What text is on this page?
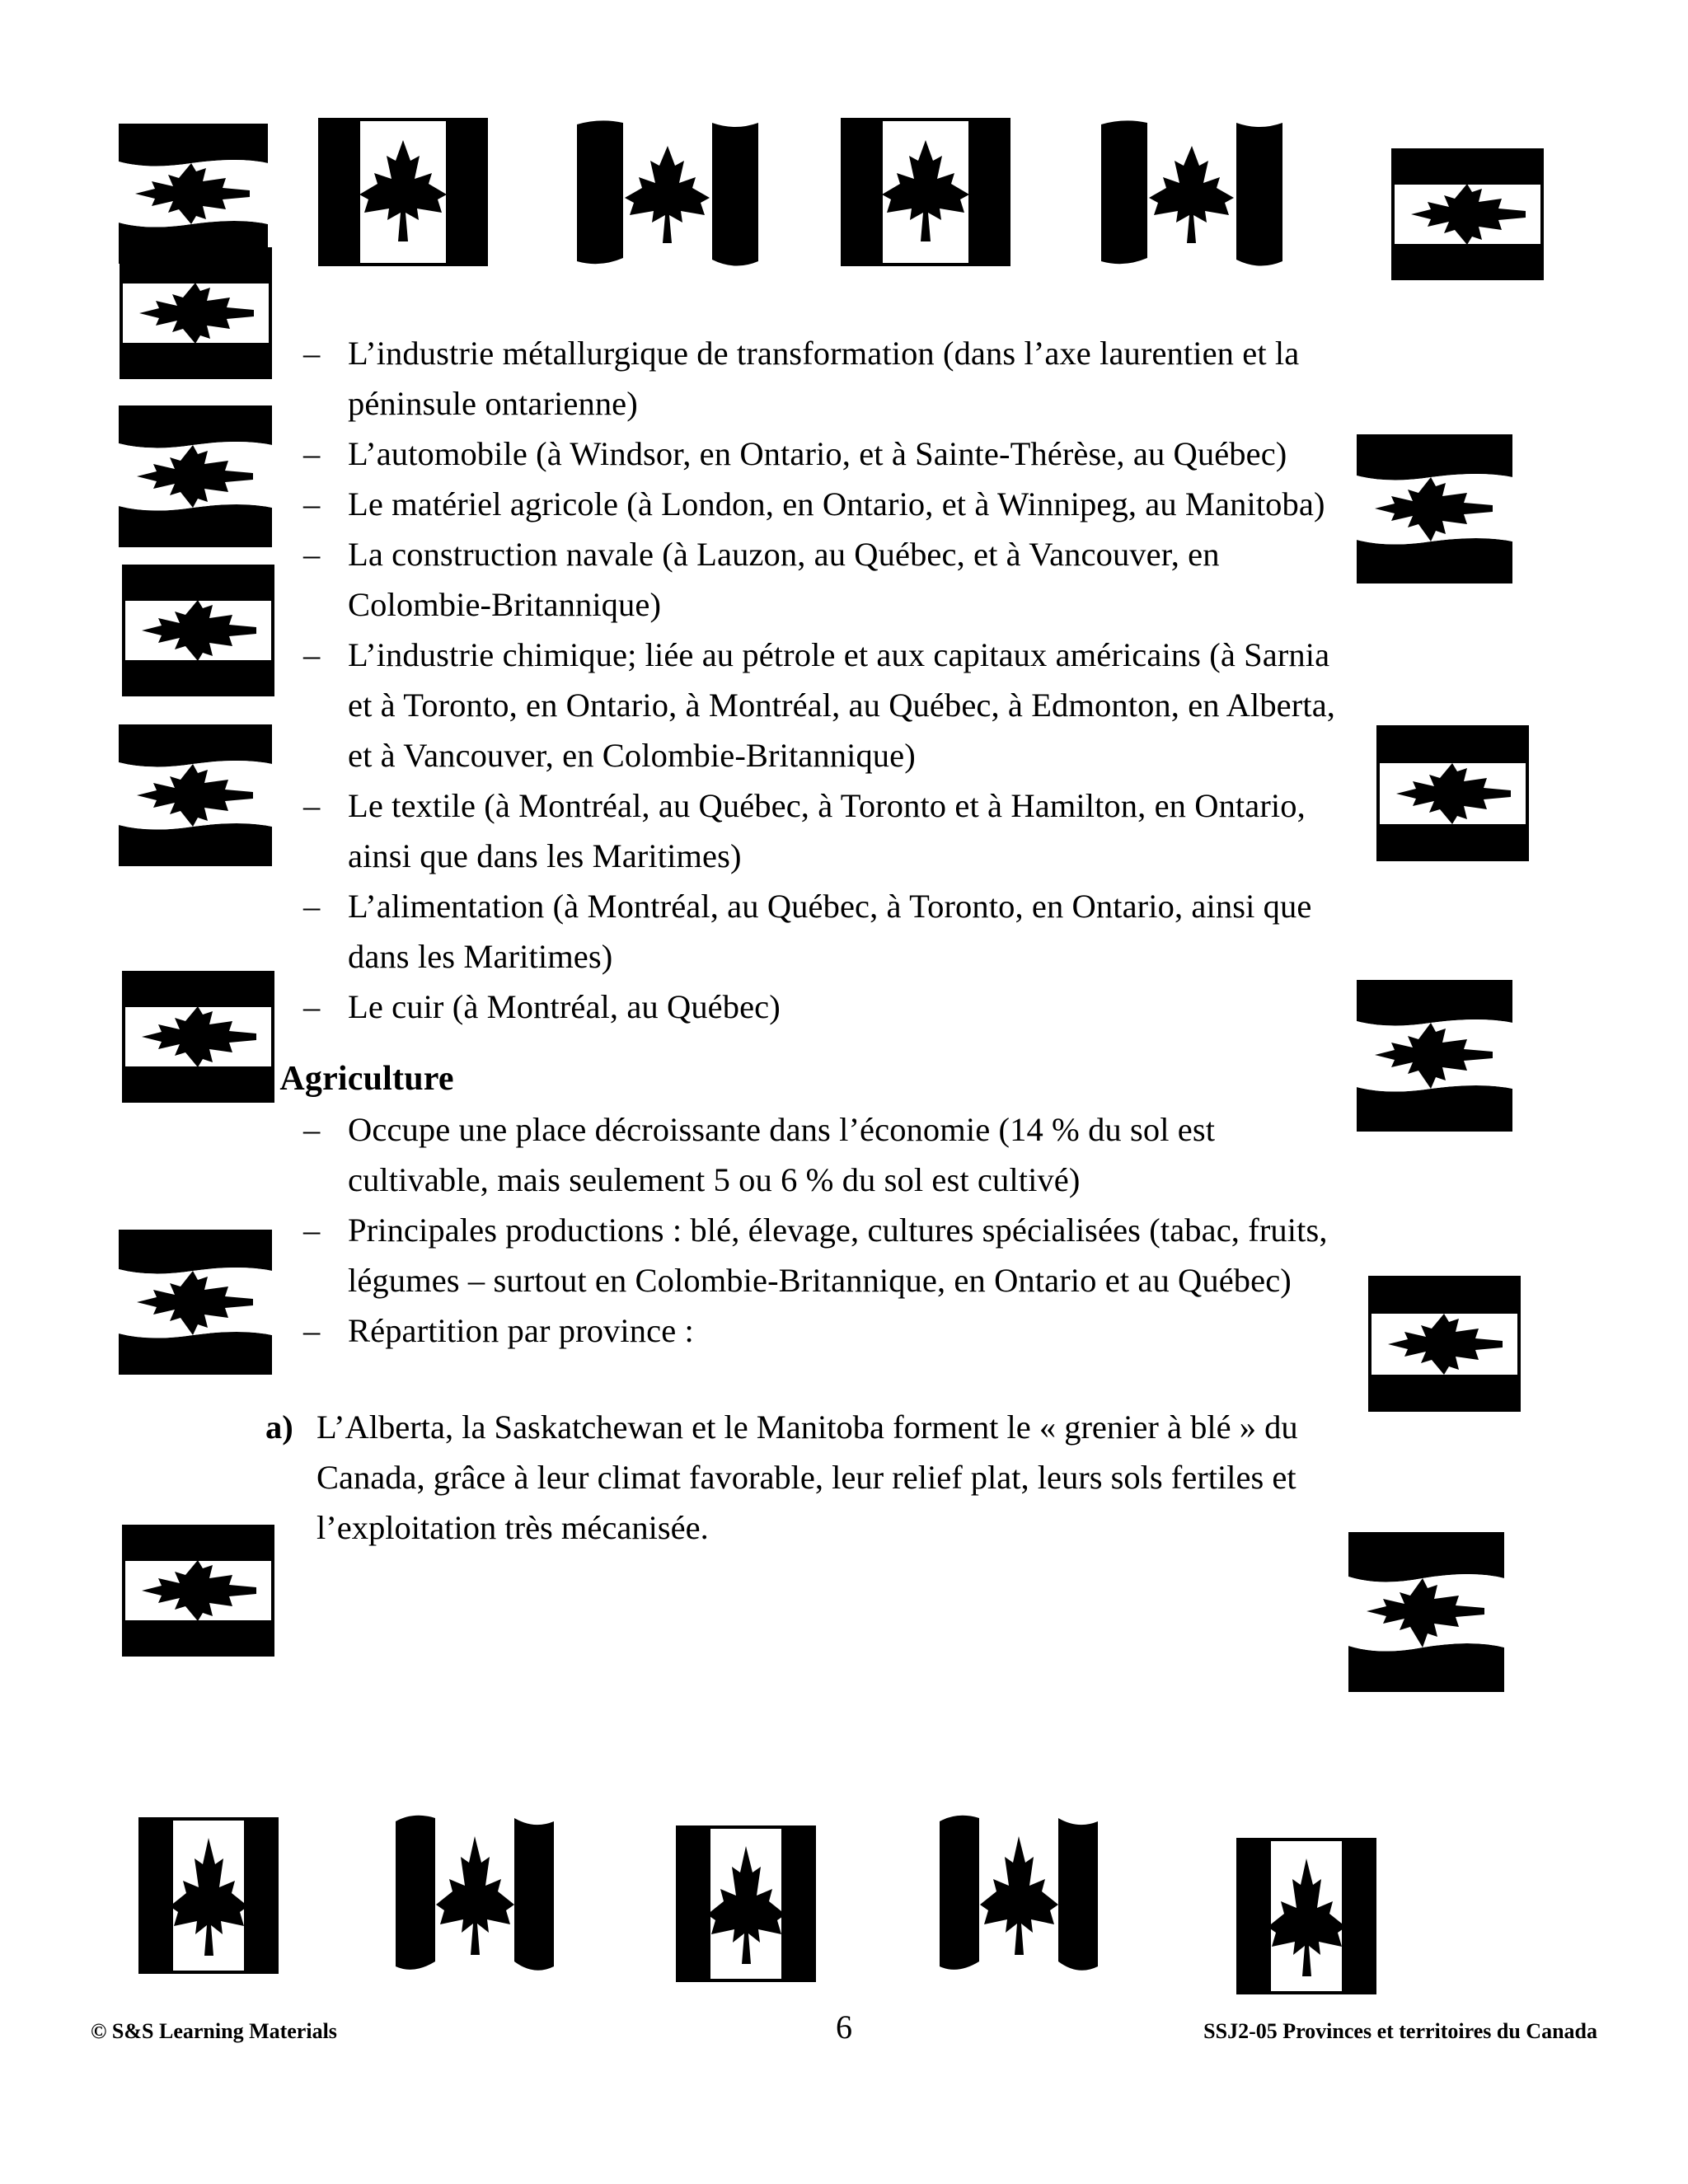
– L’industrie métallurgique de transformation (dans l’axe laurentien et la péninsule ontarienne)
– L’automobile (à Windsor, en Ontario, et à Sainte-Thérèse, au Québec)
– Le matériel agricole (à London, en Ontario, et à Winnipeg, au Manitoba)
– La construction navale (à Lauzon, au Québec, et à Vancouver, en Colombie-Britannique)
– L’industrie chimique; liée au pétrole et aux capitaux américains (à Sarnia et à Toronto, en Ontario, à Montréal, au Québec, à Edmonton, en Alberta, et à Vancouver, en Colombie-Britannique)
– Le textile (à Montréal, au Québec, à Toronto et à Hamilton, en Ontario, ainsi que dans les Maritimes)
– L’alimentation (à Montréal, au Québec, à Toronto, en Ontario, ainsi que dans les Maritimes)
– Le cuir (à Montréal, au Québec)
III. Agriculture
– Occupe une place décroissante dans l’économie (14 % du sol est cultivable, mais seulement 5 ou 6 % du sol est cultivé)
– Principales productions : blé, élevage, cultures spécialisées (tabac, fruits, légumes – surtout en Colombie-Britannique, en Ontario et au Québec)
– Répartition par province :
a) L’Alberta, la Saskatchewan et le Manitoba forment le « grenier à blé » du Canada, grâce à leur climat favorable, leur relief plat, leurs sols fertiles et l’exploitation très mécanisée.
© S&S Learning Materials	6	SSJ2-05 Provinces et territoires du Canada
